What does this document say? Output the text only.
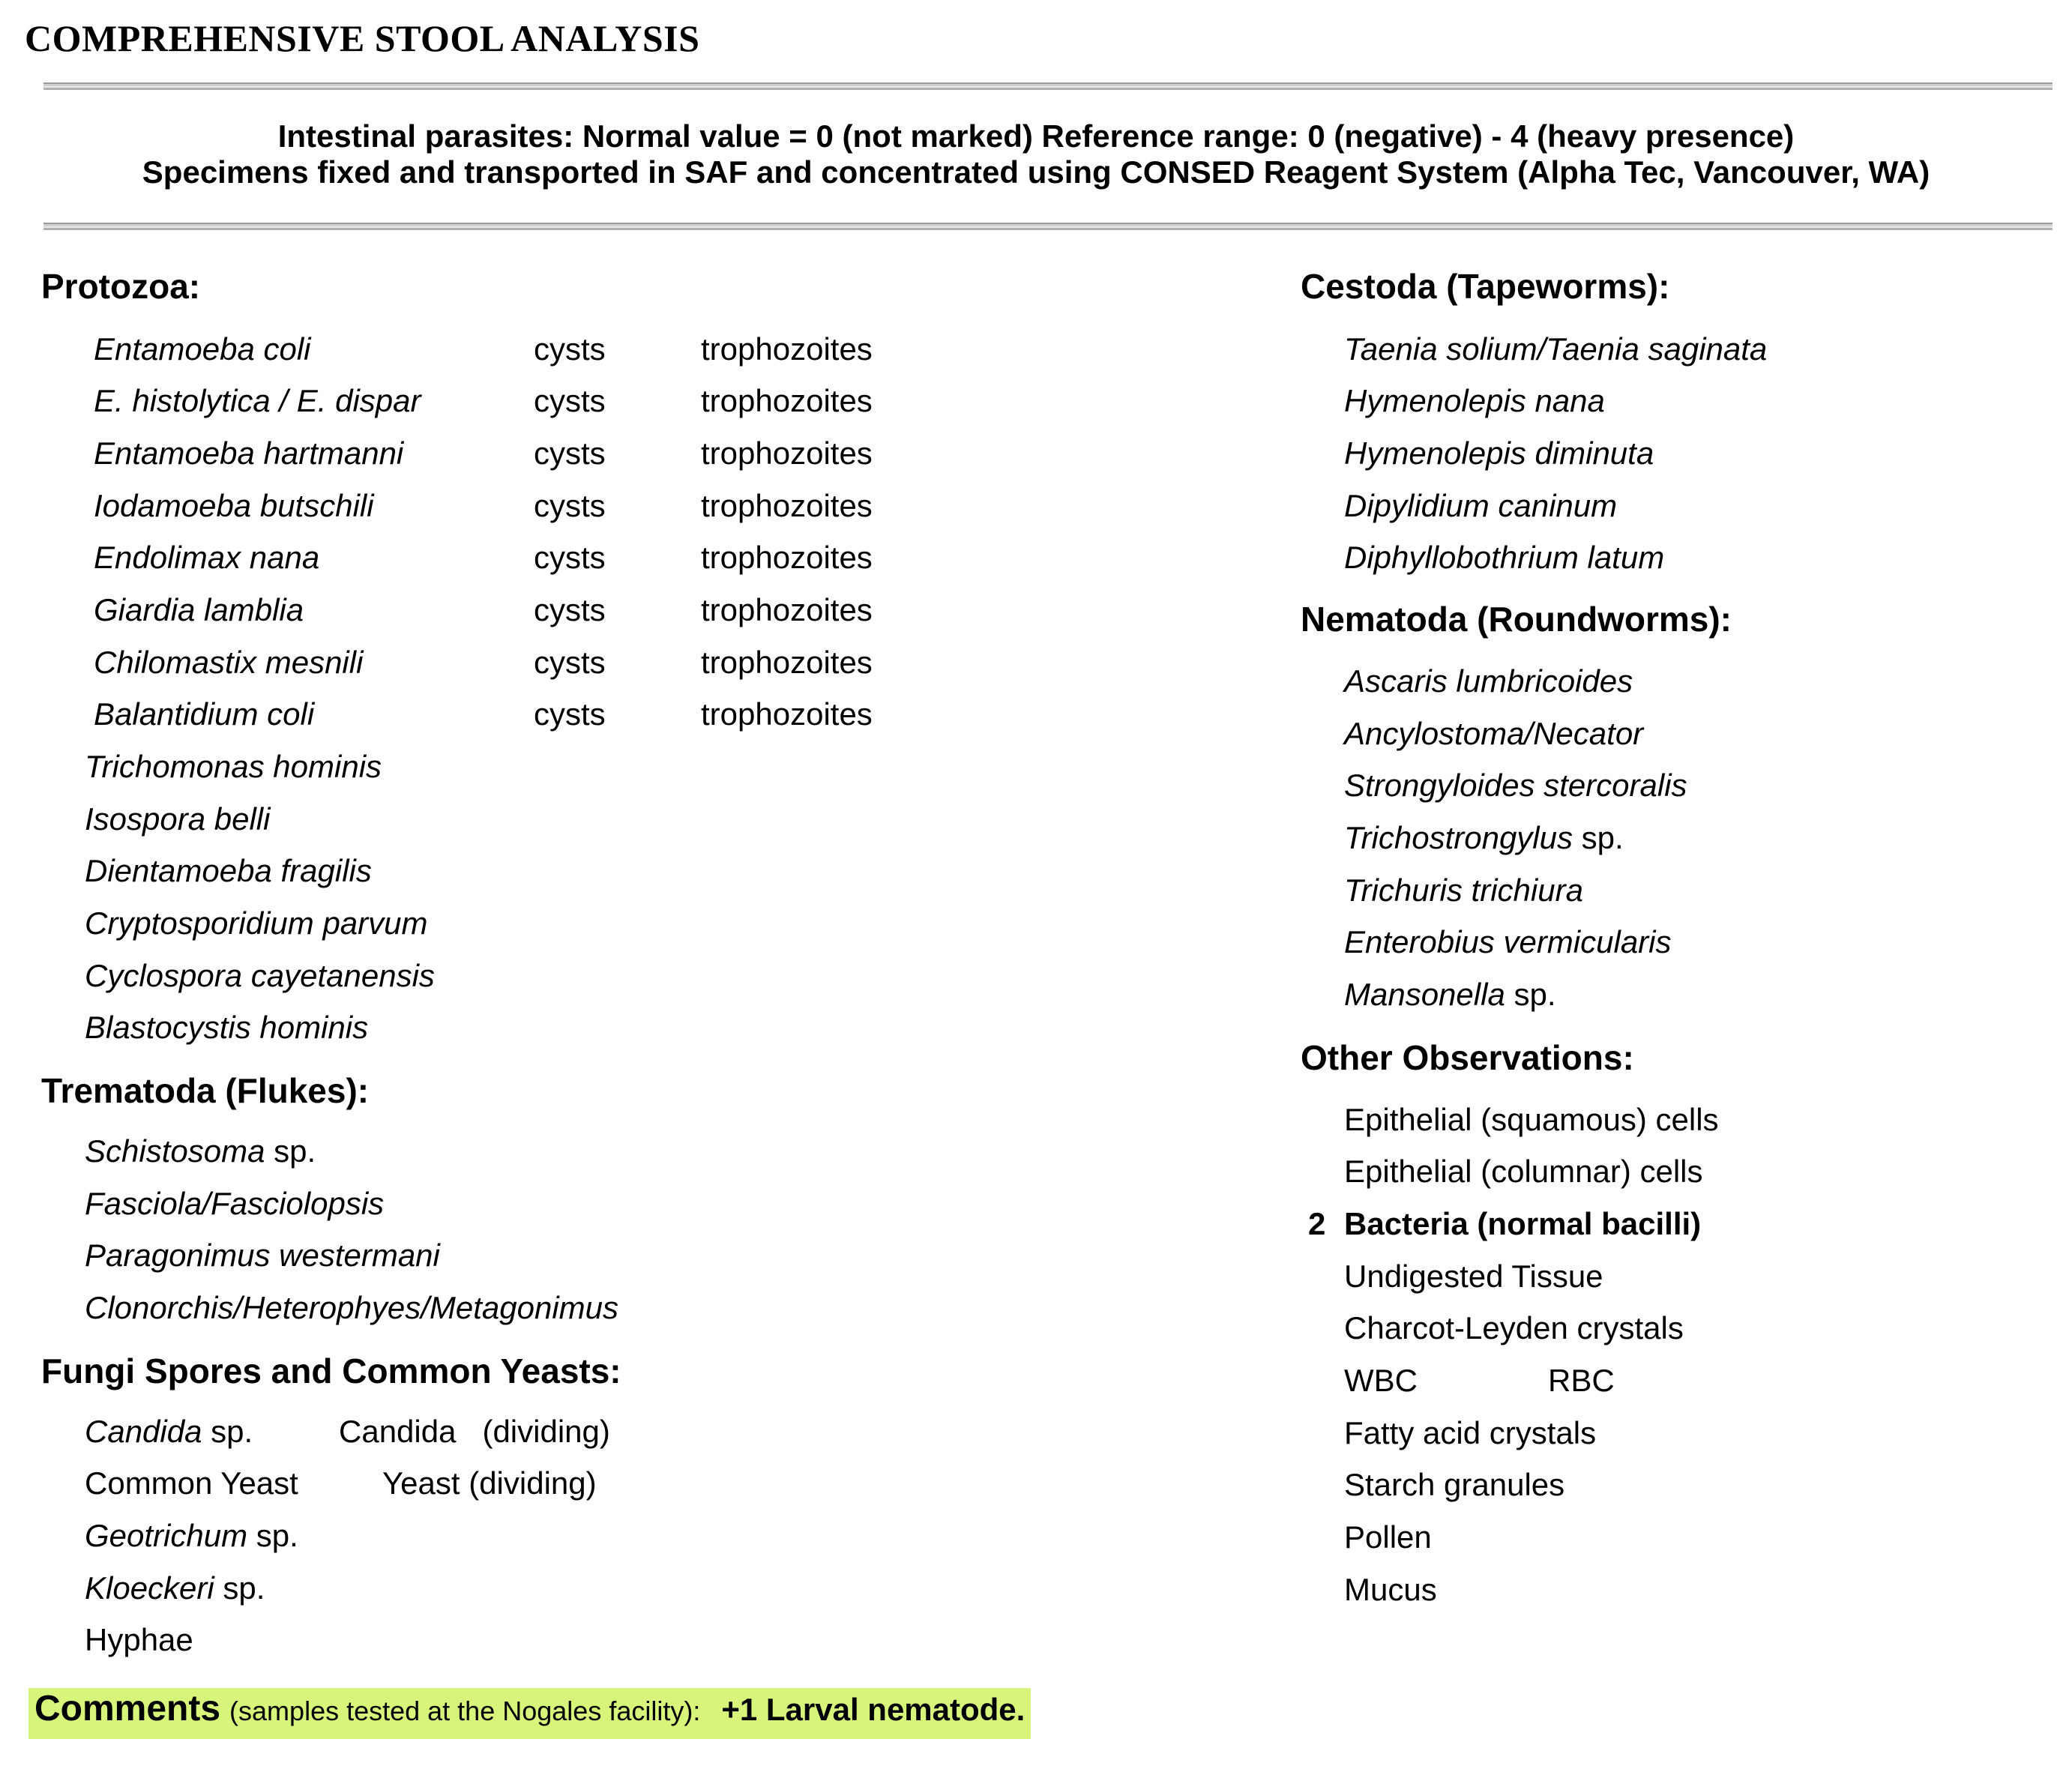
COMPREHENSIVE STOOL ANALYSIS
Intestinal parasites: Normal value = 0 (not marked) Reference range: 0 (negative) - 4 (heavy presence)
Specimens fixed and transported in SAF and concentrated using CONSED Reagent System (Alpha Tec, Vancouver, WA)
Protozoa:
Entamoeba coli	cysts	trophozoites
E. histolytica / E. dispar	cysts	trophozoites
Entamoeba hartmanni	cysts	trophozoites
Iodamoeba butschili	cysts	trophozoites
Endolimax nana	cysts	trophozoites
Giardia lamblia	cysts	trophozoites
Chilomastix mesnili	cysts	trophozoites
Balantidium coli	cysts	trophozoites
Trichomonas hominis
Isospora belli
Dientamoeba fragilis
Cryptosporidium parvum
Cyclospora cayetanensis
Blastocystis hominis
Trematoda (Flukes):
Schistosoma sp.
Fasciola/Fasciolopsis
Paragonimus westermani
Clonorchis/Heterophyes/Metagonimus
Fungi Spores and Common Yeasts:
Candida sp.	Candida   (dividing)
Common Yeast	Yeast (dividing)
Geotrichum sp.
Kloeckeri sp.
Hyphae
Cestoda (Tapeworms):
Taenia solium/Taenia saginata
Hymenolepis nana
Hymenolepis diminuta
Dipylidium caninum
Diphyllobothrium latum
Nematoda (Roundworms):
Ascaris lumbricoides
Ancylostoma/Necator
Strongyloides stercoralis
Trichostrongylus sp.
Trichuris trichiura
Enterobius vermicularis
Mansonella sp.
Other Observations:
Epithelial (squamous) cells
Epithelial (columnar) cells
2 Bacteria (normal bacilli)
Undigested Tissue
Charcot-Leyden crystals
WBC	RBC
Fatty acid crystals
Starch granules
Pollen
Mucus
Comments (samples tested at the Nogales facility): +1 Larval nematode.
